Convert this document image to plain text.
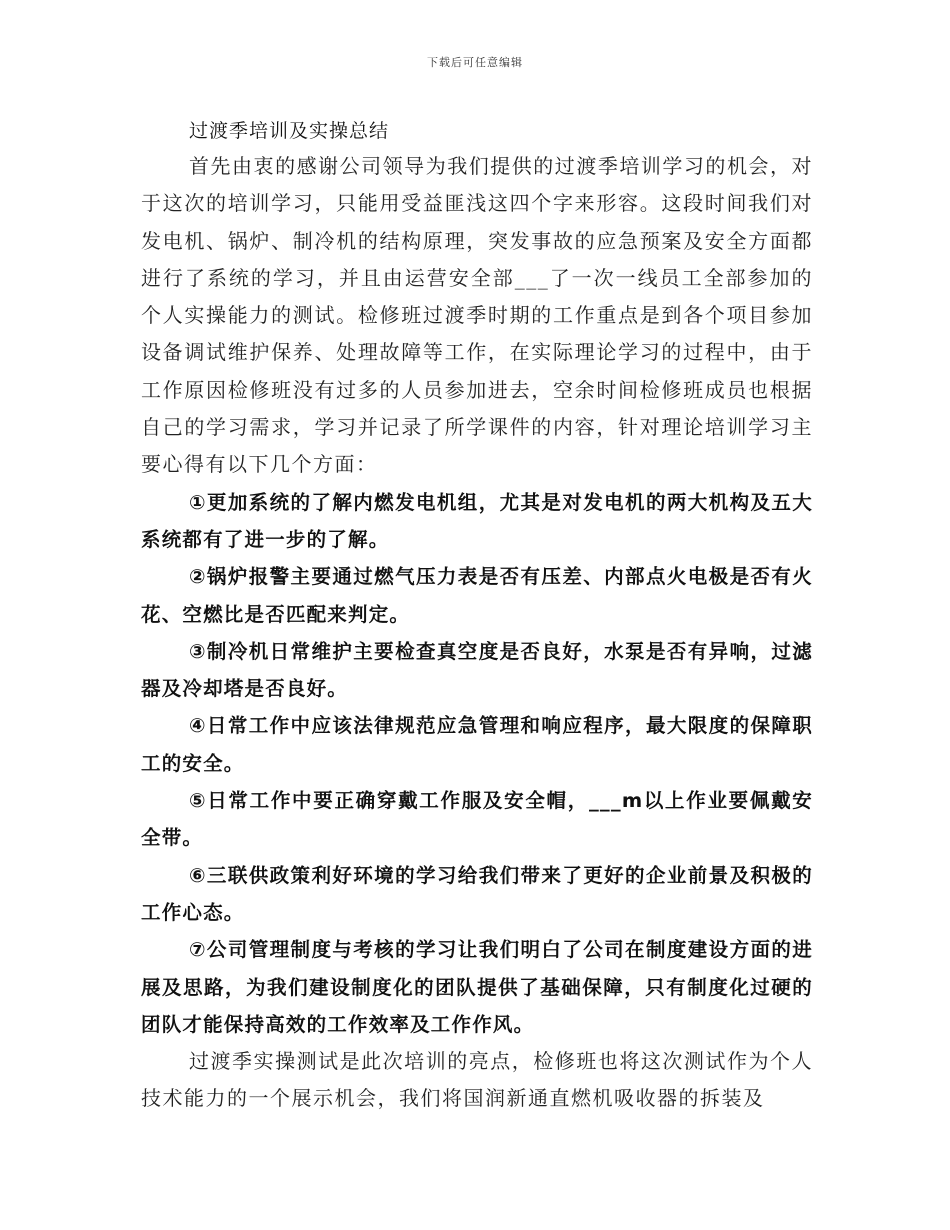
下载后可任意编辑
过渡季培训及实操总结

首先由衷的感谢公司领导为我们提供的过渡季培训学习的机会，对于这次的培训学习，只能用受益匪浅这四个字来形容。这段时间我们对发电机、锅炉、制冷机的结构原理，突发事故的应急预案及安全方面都进行了系统的学习，并且由运营安全部___了一次一线员工全部参加的个人实操能力的测试。检修班过渡季时期的工作重点是到各个项目参加设备调试维护保养、处理故障等工作，在实际理论学习的过程中，由于工作原因检修班没有过多的人员参加进去，空余时间检修班成员也根据自己的学习需求，学习并记录了所学课件的内容，针对理论培训学习主要心得有以下几个方面：

①更加系统的了解内燃发电机组，尤其是对发电机的两大机构及五大系统都有了进一步的了解。

②锅炉报警主要通过燃气压力表是否有压差、内部点火电极是否有火花、空燃比是否匹配来判定。

③制冷机日常维护主要检查真空度是否良好，水泵是否有异响，过滤器及冷却塔是否良好。

④日常工作中应该法律规范应急管理和响应程序，最大限度的保障职工的安全。

⑤日常工作中要正确穿戴工作服及安全帽，___m以上作业要佩戴安全带。

⑥三联供政策利好环境的学习给我们带来了更好的企业前景及积极的工作心态。

⑦公司管理制度与考核的学习让我们明白了公司在制度建设方面的进展及思路，为我们建设制度化的团队提供了基础保障，只有制度化过硬的团队才能保持高效的工作效率及工作作风。

过渡季实操测试是此次培训的亮点，检修班也将这次测试作为个人技术能力的一个展示机会，我们将国润新通直燃机吸收器的拆装及
